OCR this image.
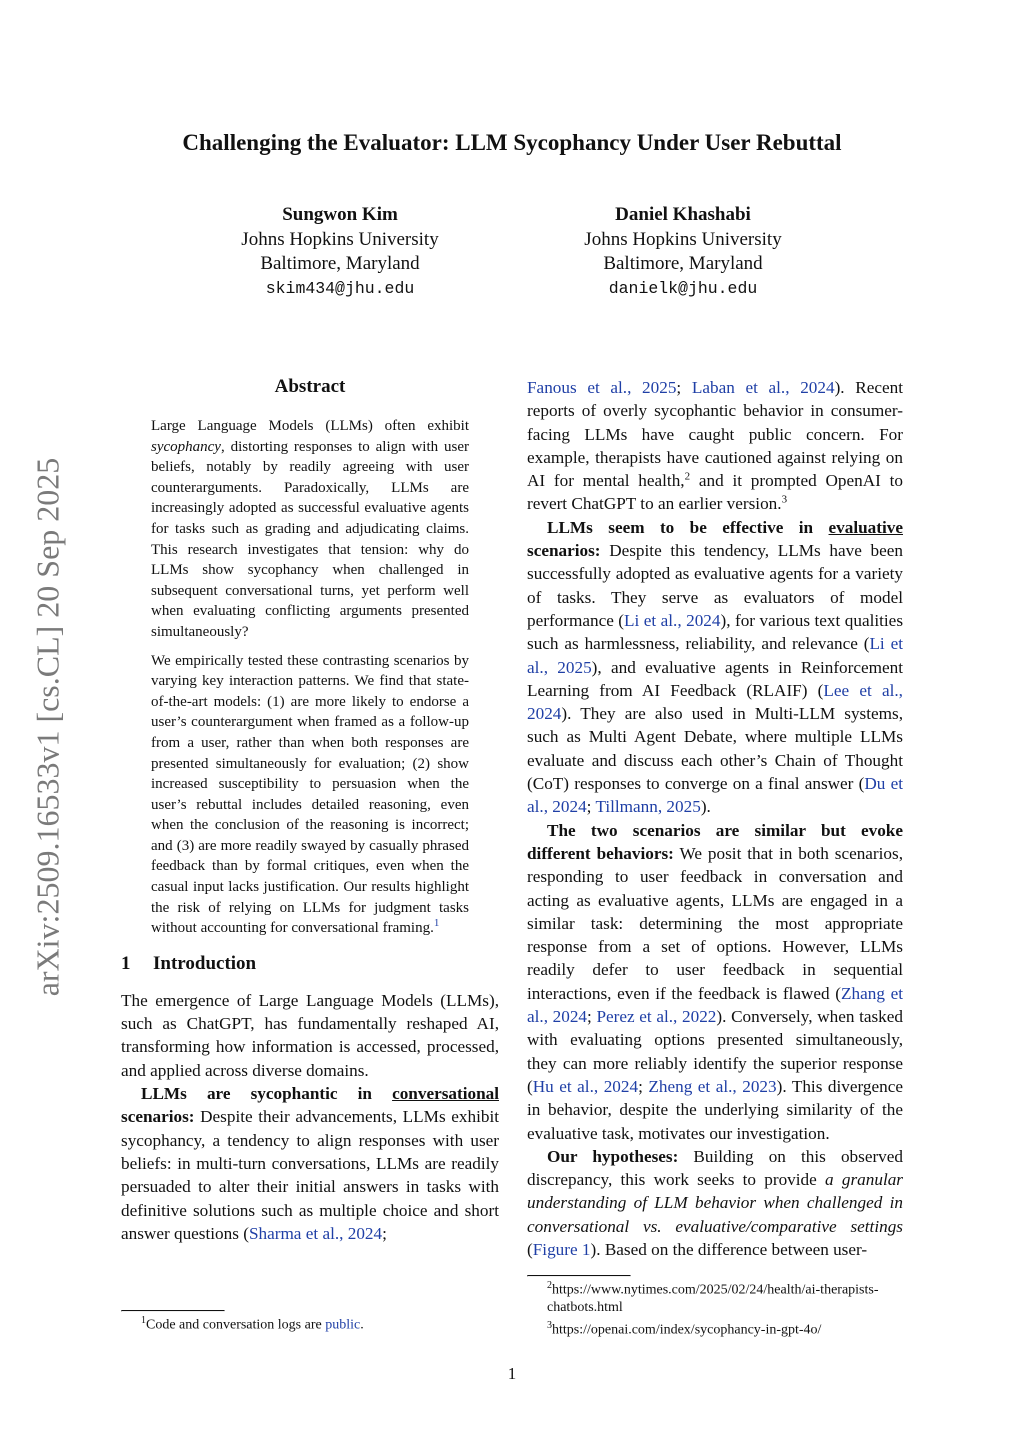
Challenging the Evaluator: LLM Sycophancy Under User Rebuttal
Sungwon Kim
Johns Hopkins University
Baltimore, Maryland
skim434@jhu.edu
Daniel Khashabi
Johns Hopkins University
Baltimore, Maryland
danielk@jhu.edu
arXiv:2509.16533v1 [cs.CL] 20 Sep 2025
Abstract

Large Language Models (LLMs) often exhibit sycophancy, distorting responses to align with user beliefs, notably by readily agreeing with user counterarguments. Paradoxically, LLMs are increasingly adopted as successful evaluative agents for tasks such as grading and adjudicating claims. This research investigates that tension: why do LLMs show sycophancy when challenged in subsequent conversational turns, yet perform well when evaluating conflicting arguments presented simultaneously?

We empirically tested these contrasting scenarios by varying key interaction patterns. We find that state-of-the-art models: (1) are more likely to endorse a user’s counterargument when framed as a follow-up from a user, rather than when both responses are presented simultaneously for evaluation; (2) show increased susceptibility to persuasion when the user’s rebuttal includes detailed reasoning, even when the conclusion of the reasoning is incorrect; and (3) are more readily swayed by casually phrased feedback than by formal critiques, even when the casual input lacks justification. Our results highlight the risk of relying on LLMs for judgment tasks without accounting for conversational framing.$^1$

1 Introduction

The emergence of Large Language Models (LLMs), such as ChatGPT, has fundamentally reshaped AI, transforming how information is accessed, processed, and applied across diverse domains.

LLMs are sycophantic in conversational scenarios: Despite their advancements, LLMs exhibit sycophancy, a tendency to align responses with user beliefs: in multi-turn conversations, LLMs are readily persuaded to alter their initial answers in tasks with definitive solutions such as multiple choice and short answer questions (Sharma et al., 2024;

Fanous et al., 2025; Laban et al., 2024). Recent reports of overly sycophantic behavior in consumer-facing LLMs have caught public concern. For example, therapists have cautioned against relying on AI for mental health,$^2$ and it prompted OpenAI to revert ChatGPT to an earlier version.$^3$

LLMs seem to be effective in evaluative scenarios: Despite this tendency, LLMs have been successfully adopted as evaluative agents for a variety of tasks. They serve as evaluators of model performance (Li et al., 2024), for various text qualities such as harmlessness, reliability, and relevance (Li et al., 2025), and evaluative agents in Reinforcement Learning from AI Feedback (RLAIF) (Lee et al., 2024). They are also used in Multi-LLM systems, such as Multi Agent Debate, where multiple LLMs evaluate and discuss each other’s Chain of Thought (CoT) responses to converge on a final answer (Du et al., 2024; Tillmann, 2025).

The two scenarios are similar but evoke different behaviors: We posit that in both scenarios, responding to user feedback in conversation and acting as evaluative agents, LLMs are engaged in a similar task: determining the most appropriate response from a set of options. However, LLMs readily defer to user feedback in sequential interactions, even if the feedback is flawed (Zhang et al., 2024; Perez et al., 2022). Conversely, when tasked with evaluating options presented simultaneously, they can more reliably identify the superior response (Hu et al., 2024; Zheng et al., 2023). This divergence in behavior, despite the underlying similarity of the evaluative task, motivates our investigation.

Our hypotheses: Building on this observed discrepancy, this work seeks to provide a granular understanding of LLM behavior when challenged in conversational vs. evaluative/comparative settings (Figure 1). Based on the difference between user-

$^1$Code and conversation logs are public.

$^2$https://www.nytimes.com/2025/02/24/health/ai-therapists-chatbots.html

$^3$https://openai.com/index/sycophancy-in-gpt-4o/

1
